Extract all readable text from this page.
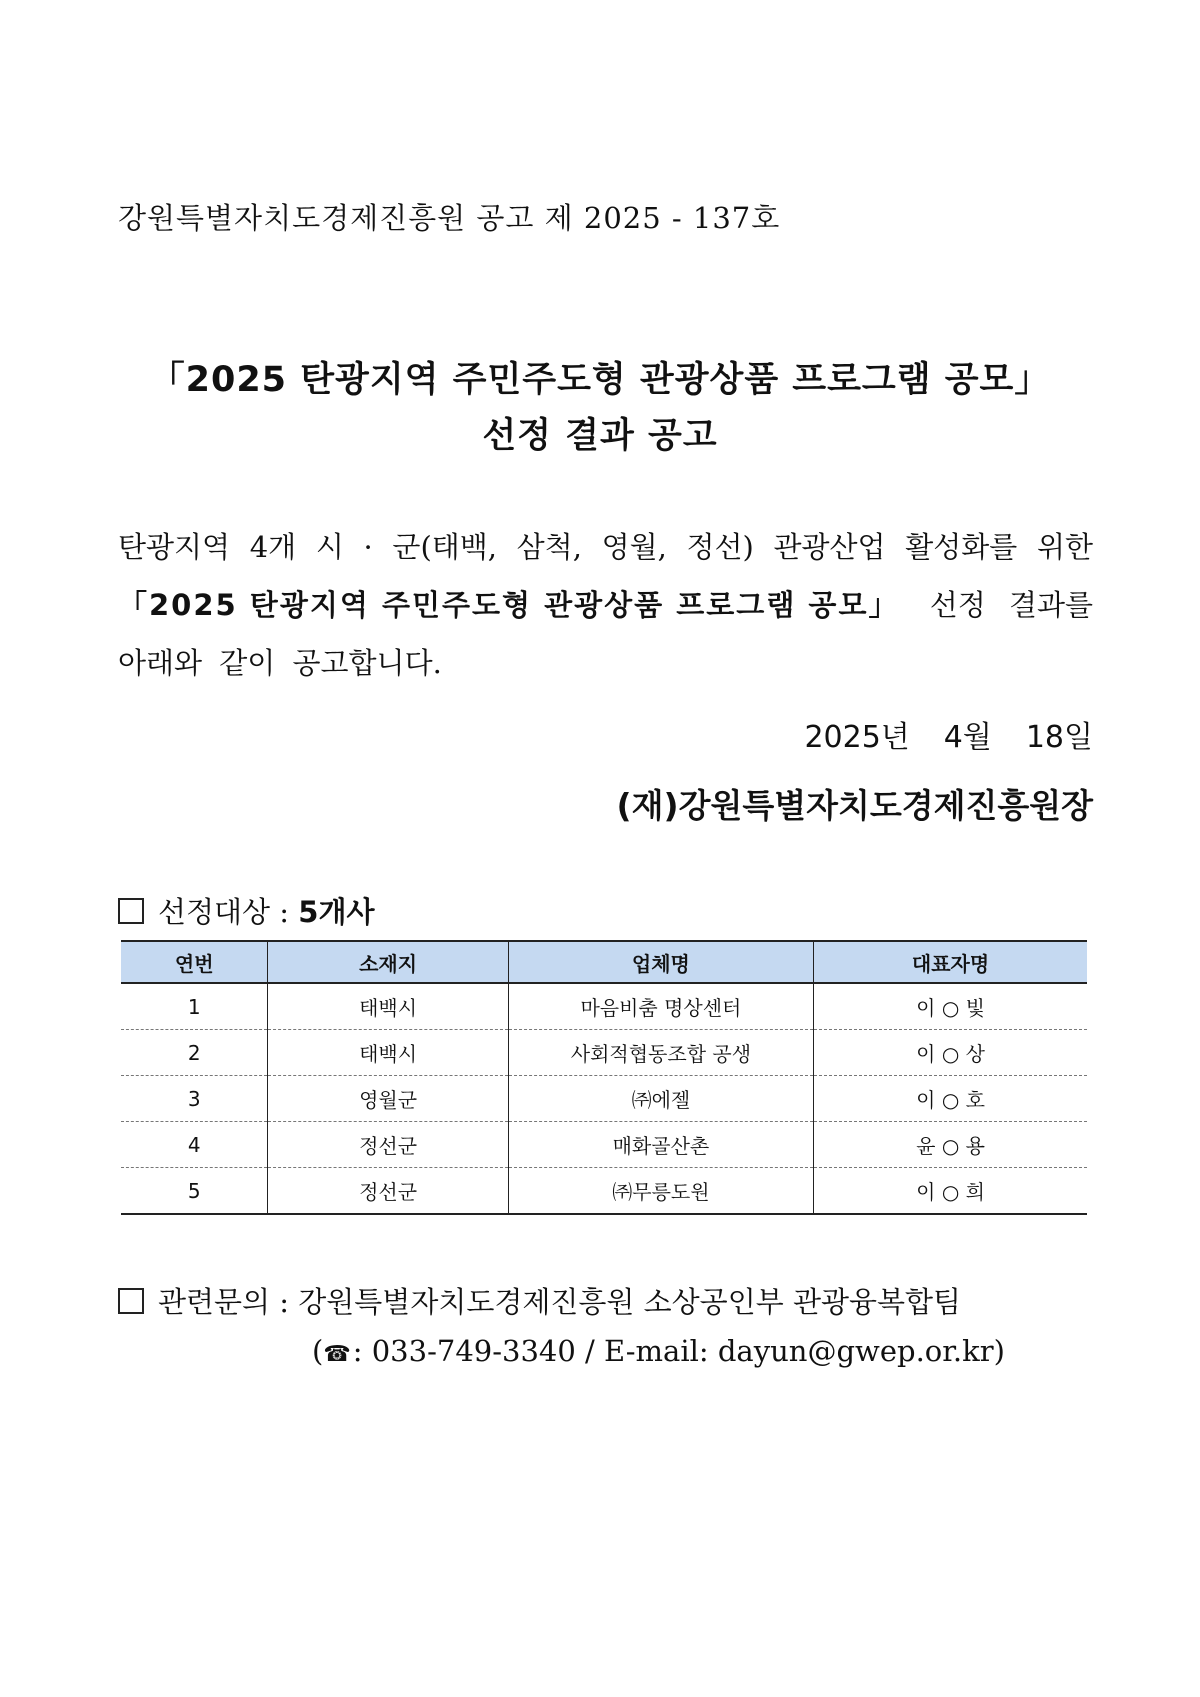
강원특별자치도경제진흥원 공고 제 2025 - 137호
「2025 탄광지역 주민주도형 관광상품 프로그램 공모」
선정 결과 공고
탄광지역 4개 시 · 군(태백, 삼척, 영월, 정선) 관광산업 활성화를 위한
「2025 탄광지역 주민주도형 관광상품 프로그램 공모」 선정 결과를
아래와 같이 공고합니다.
2025년 4월 18일
(재)강원특별자치도경제진흥원장
선정대상 : 5개사
연번	소재지	업체명	대표자명
1	태백시	마음비춤 명상센터	이 ○ 빛
2	태백시	사회적협동조합 공생	이 ○ 상
3	영월군	㈜에젤	이 ○ 호
4	정선군	매화골산촌	윤 ○ 용
5	정선군	㈜무릉도원	이 ○ 희
관련문의 : 강원특별자치도경제진흥원 소상공인부 관광융복합팀
(☎: 033-749-3340 / E-mail: dayun@gwep.or.kr)
